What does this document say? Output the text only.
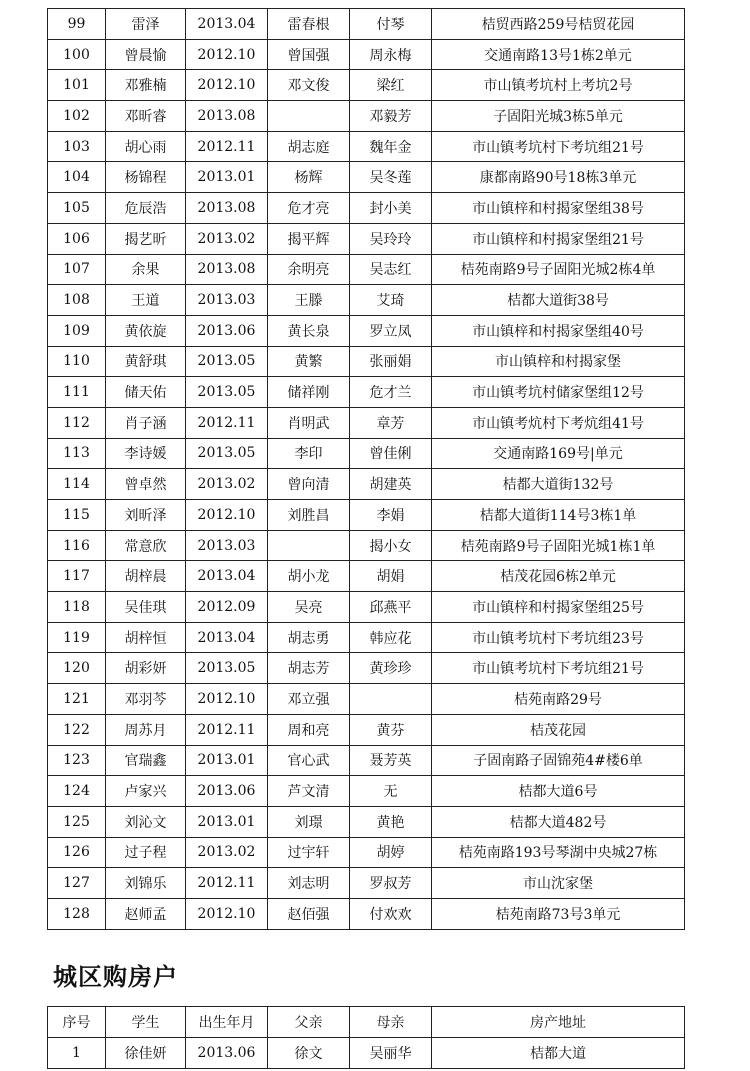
99	雷泽	2013.04	雷春根	付琴	桔贸西路259号桔贸花园
100	曾晨愉	2012.10	曾国强	周永梅	交通南路13号1栋2单元
101	邓雅楠	2012.10	邓文俊	梁红	市山镇考坑村上考坑2号
102	邓昕睿	2013.08		邓毅芳	子固阳光城3栋5单元
103	胡心雨	2012.11	胡志庭	魏年金	市山镇考坑村下考坑组21号
104	杨锦程	2013.01	杨辉	吴冬莲	康都南路90号18栋3单元
105	危辰浩	2013.08	危才亮	封小美	市山镇梓和村揭家堡组38号
106	揭艺昕	2013.02	揭平辉	吴玲玲	市山镇梓和村揭家堡组21号
107	余果	2013.08	余明亮	吴志红	桔苑南路9号子固阳光城2栋4单
108	王道	2013.03	王滕	艾琦	桔都大道街38号
109	黄依旋	2013.06	黄长泉	罗立凤	市山镇梓和村揭家堡组40号
110	黄舒琪	2013.05	黄繁	张丽娟	市山镇梓和村揭家堡
111	储天佑	2013.05	储祥刚	危才兰	市山镇考坑村储家堡组12号
112	肖子涵	2012.11	肖明武	章芳	市山镇考炕村下考炕组41号
113	李诗媛	2013.05	李印	曾佳俐	交通南路169号|单元
114	曾卓然	2013.02	曾向清	胡建英	桔都大道街132号
115	刘昕泽	2012.10	刘胜昌	李娟	桔都大道街114号3栋1单
116	常意欣	2013.03		揭小女	桔苑南路9号子固阳光城1栋1单
117	胡梓晨	2013.04	胡小龙	胡娟	桔茂花园6栋2单元
118	吴佳琪	2012.09	吴亮	邱燕平	市山镇梓和村揭家堡组25号
119	胡梓恒	2013.04	胡志勇	韩应花	市山镇考坑村下考坑组23号
120	胡彩妍	2013.05	胡志芳	黄珍珍	市山镇考坑村下考坑组21号
121	邓羽芩	2012.10	邓立强		桔苑南路29号
122	周苏月	2012.11	周和亮	黄芬	桔茂花园
123	官瑞鑫	2013.01	官心武	聂芳英	子固南路子固锦苑4#楼6单
124	卢家兴	2013.06	芦文清	无	桔都大道6号
125	刘沁文	2013.01	刘璟	黄艳	桔都大道482号
126	过子程	2013.02	过宇轩	胡婷	桔苑南路193号琴湖中央城27栋
127	刘锦乐	2012.11	刘志明	罗叔芳	市山沈家堡
128	赵师孟	2012.10	赵佰强	付欢欢	桔苑南路73号3单元
城区购房户
序号	学生	出生年月	父亲	母亲	房产地址
1	徐佳妍	2013.06	徐文	吴丽华	桔都大道
